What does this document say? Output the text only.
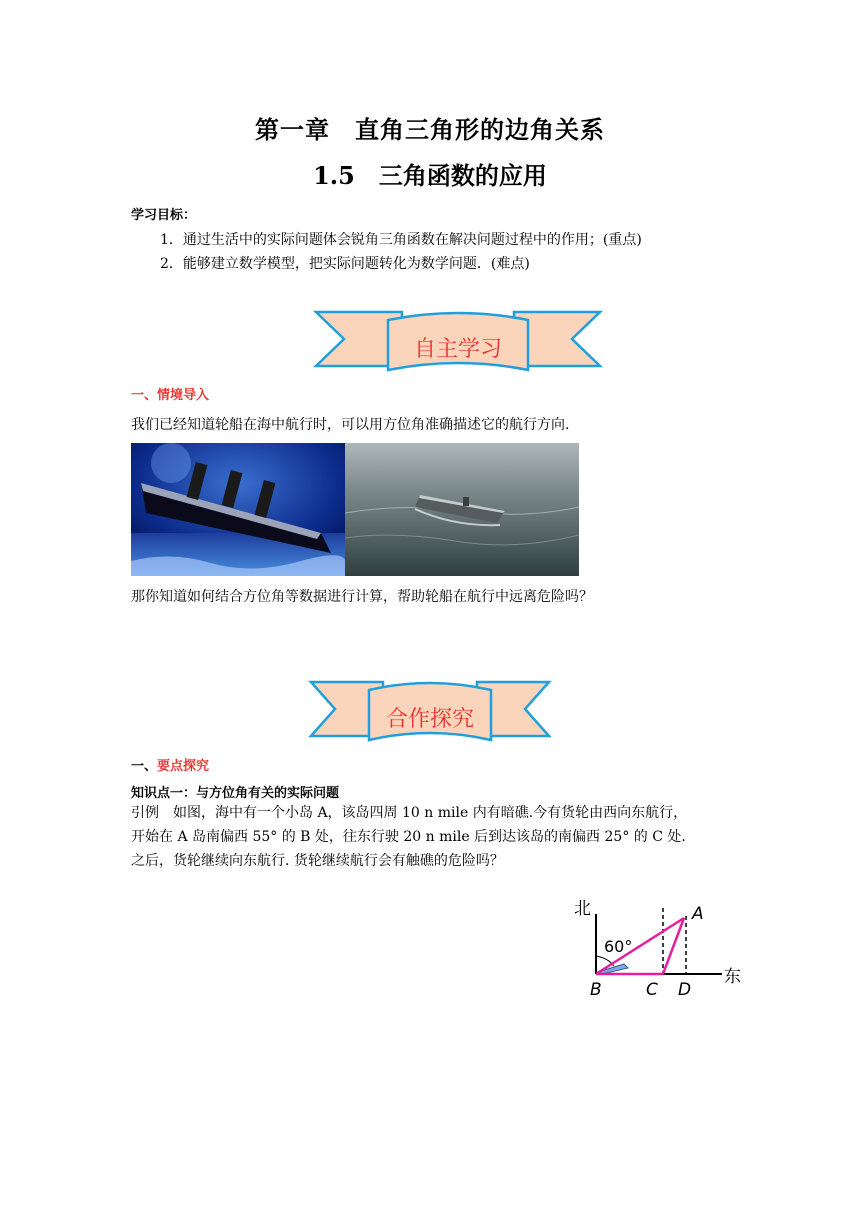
第一章　直角三角形的边角关系
1.5　三角函数的应用
学习目标：
1．通过生活中的实际问题体会锐角三角函数在解决问题过程中的作用；(重点)
2．能够建立数学模型，把实际问题转化为数学问题．(难点)
自主学习
一、情境导入
我们已经知道轮船在海中航行时，可以用方位角准确描述它的航行方向.
那你知道如何结合方位角等数据进行计算，帮助轮船在航行中远离危险吗？
合作探究
一、要点探究
知识点一：与方位角有关的实际问题
引例　如图，海中有一个小岛 A，该岛四周 10 n mile 内有暗礁.今有货轮由西向东航行，
开始在 A 岛南偏西 55° 的 B 处，往东行驶 20 n mile 后到达该岛的南偏西 25° 的 C 处.
之后，货轮继续向东航行. 货轮继续航行会有触礁的危险吗？
北
东
60°
A
B	C D
